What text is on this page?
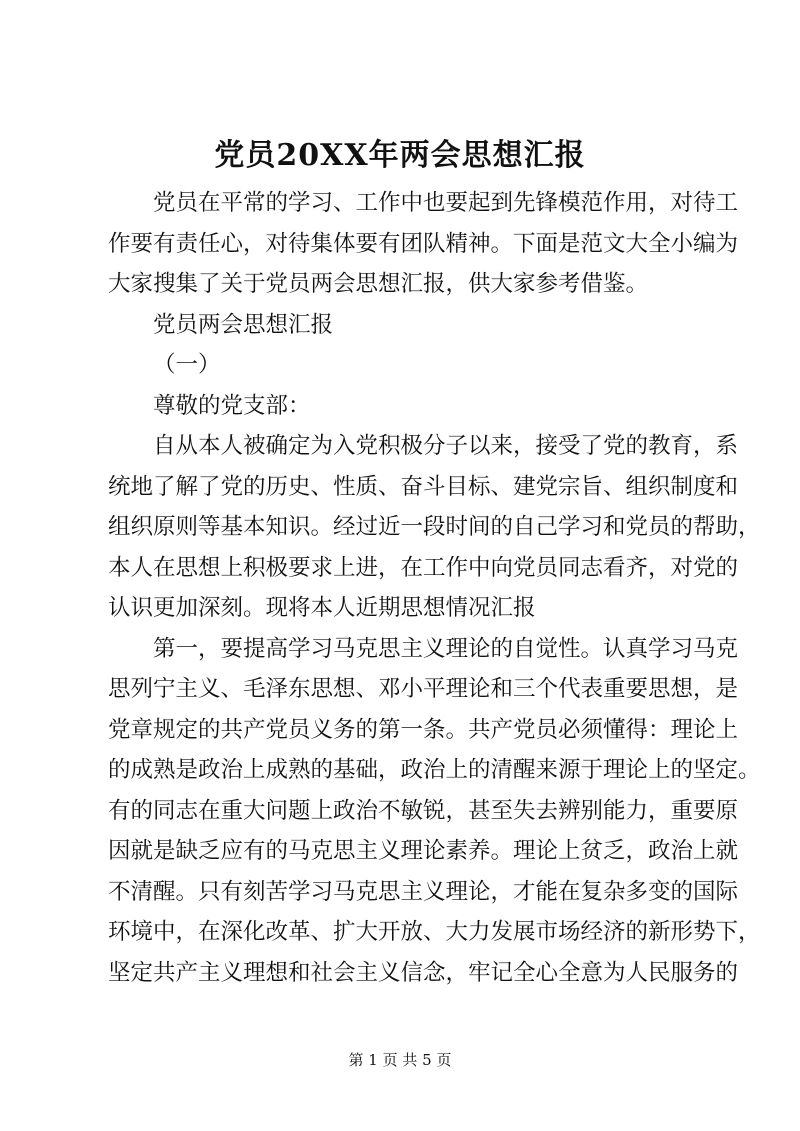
党员20XX年两会思想汇报
党员在平常的学习、工作中也要起到先锋模范作用，对待工
作要有责任心，对待集体要有团队精神。下面是范文大全小编为
大家搜集了关于党员两会思想汇报，供大家参考借鉴。
党员两会思想汇报
（一）
尊敬的党支部：
自从本人被确定为入党积极分子以来，接受了党的教育，系
统地了解了党的历史、性质、奋斗目标、建党宗旨、组织制度和
组织原则等基本知识。经过近一段时间的自己学习和党员的帮助，
本人在思想上积极要求上进，在工作中向党员同志看齐，对党的
认识更加深刻。现将本人近期思想情况汇报
第一，要提高学习马克思主义理论的自觉性。认真学习马克
思列宁主义、毛泽东思想、邓小平理论和三个代表重要思想，是
党章规定的共产党员义务的第一条。共产党员必须懂得：理论上
的成熟是政治上成熟的基础，政治上的清醒来源于理论上的坚定。
有的同志在重大问题上政治不敏锐，甚至失去辨别能力，重要原
因就是缺乏应有的马克思主义理论素养。理论上贫乏，政治上就
不清醒。只有刻苦学习马克思主义理论，才能在复杂多变的国际
环境中，在深化改革、扩大开放、大力发展市场经济的新形势下，
坚定共产主义理想和社会主义信念，牢记全心全意为人民服务的
第 1 页 共 5 页
